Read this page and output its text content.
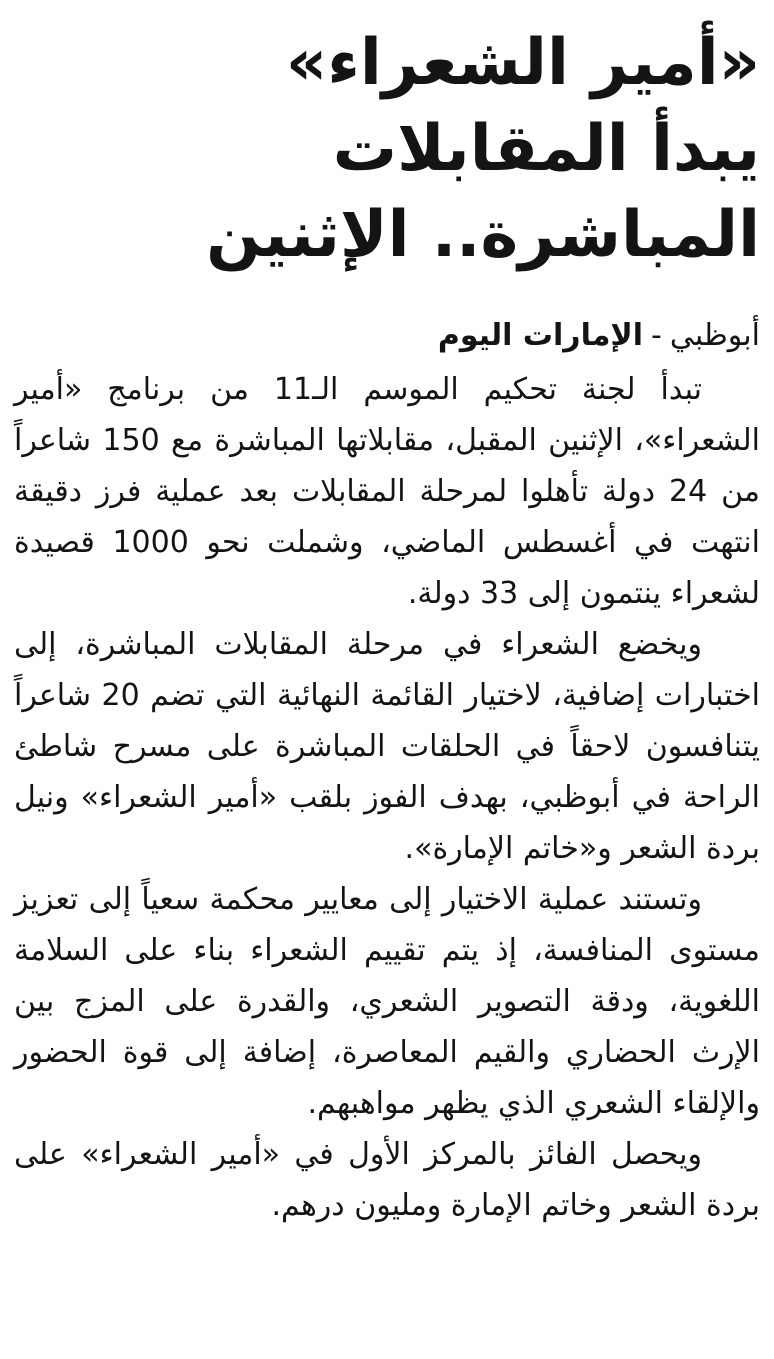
«أمير الشعراء»
يبدأ المقابلات
المباشرة.. الإثنين
أبوظبي-الإمارات اليوم

تبدأ لجنة تحكيم الموسم الـ11 من برنامج «أمير الشعراء»، الإثنين المقبل، مقابلاتها المباشرة مع 150 شاعراً من 24 دولة تأهلوا لمرحلة المقابلات بعد عملية فرز دقيقة انتهت في أغسطس الماضي، وشملت نحو 1000 قصيدة لشعراء ينتمون إلى 33 دولة.

ويخضع الشعراء في مرحلة المقابلات المباشرة، إلى اختبارات إضافية، لاختيار القائمة النهائية التي تضم 20 شاعراً يتنافسون لاحقاً في الحلقات المباشرة على مسرح شاطئ الراحة في أبوظبي، بهدف الفوز بلقب «أمير الشعراء» ونيل بردة الشعر و«خاتم الإمارة».

وتستند عملية الاختيار إلى معايير محكمة سعياً إلى تعزيز مستوى المنافسة، إذ يتم تقييم الشعراء بناء على السلامة اللغوية، ودقة التصوير الشعري، والقدرة على المزج بين الإرث الحضاري والقيم المعاصرة، إضافة إلى قوة الحضور والإلقاء الشعري الذي يظهر مواهبهم.

ويحصل الفائز بالمركز الأول في «أمير الشعراء» على بردة الشعر وخاتم الإمارة ومليون درهم.
